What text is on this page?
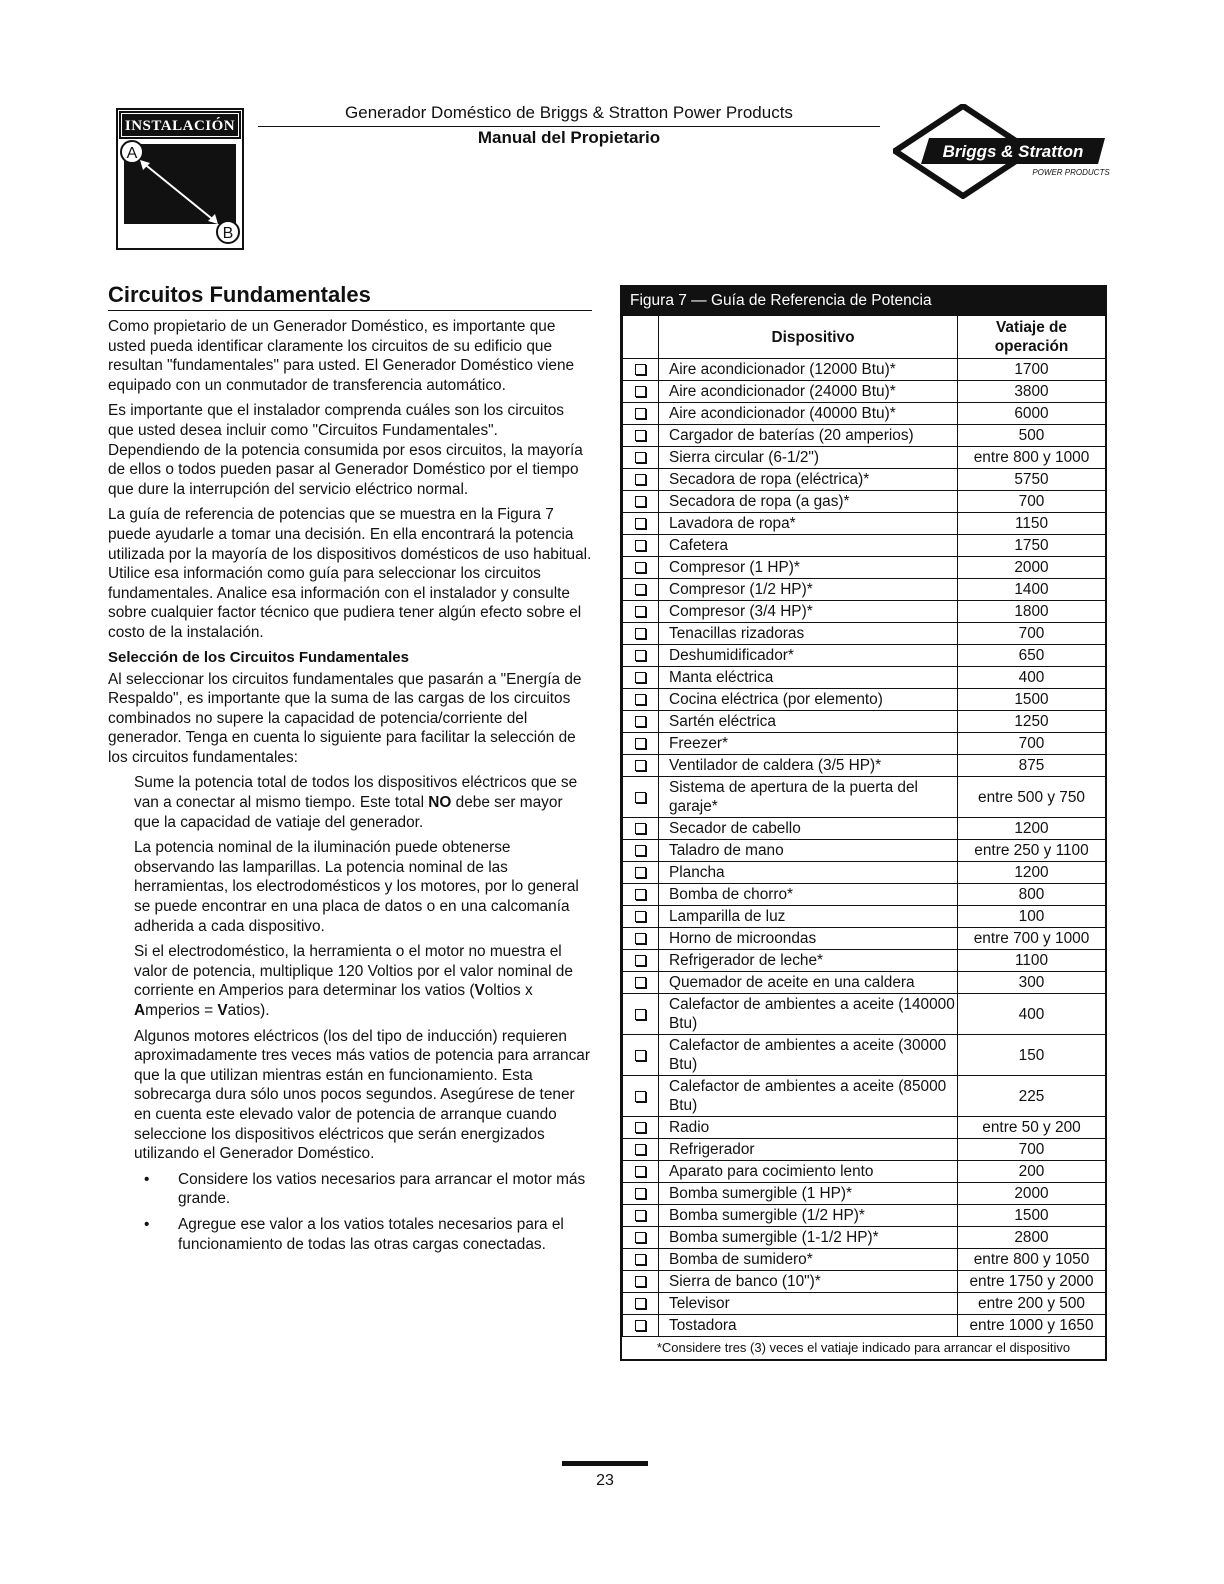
INSTALACIÓN
A
B
Generador Doméstico de Briggs & Stratton Power Products
Manual del Propietario
Briggs & Stratton
POWER PRODUCTS
Circuitos Fundamentales

Como propietario de un Generador Doméstico, es importante que usted pueda identificar claramente los circuitos de su edificio que resultan "fundamentales" para usted. El Generador Doméstico viene equipado con un conmutador de transferencia automático.

Es importante que el instalador comprenda cuáles son los circuitos que usted desea incluir como "Circuitos Fundamentales". Dependiendo de la potencia consumida por esos circuitos, la mayoría de ellos o todos pueden pasar al Generador Doméstico por el tiempo que dure la interrupción del servicio eléctrico normal.

La guía de referencia de potencias que se muestra en la Figura 7 puede ayudarle a tomar una decisión. En ella encontrará la potencia utilizada por la mayoría de los dispositivos domésticos de uso habitual. Utilice esa información como guía para seleccionar los circuitos fundamentales. Analice esa información con el instalador y consulte sobre cualquier factor técnico que pudiera tener algún efecto sobre el costo de la instalación.

Selección de los Circuitos Fundamentales

Al seleccionar los circuitos fundamentales que pasarán a "Energía de Respaldo", es importante que la suma de las cargas de los circuitos combinados no supere la capacidad de potencia/corriente del generador. Tenga en cuenta lo siguiente para facilitar la selección de los circuitos fundamentales:

Sume la potencia total de todos los dispositivos eléctricos que se van a conectar al mismo tiempo. Este total NO debe ser mayor que la capacidad de vatiaje del generador.

La potencia nominal de la iluminación puede obtenerse observando las lamparillas. La potencia nominal de las herramientas, los electrodomésticos y los motores, por lo general se puede encontrar en una placa de datos o en una calcomanía adherida a cada dispositivo.

Si el electrodoméstico, la herramienta o el motor no muestra el valor de potencia, multiplique 120 Voltios por el valor nominal de corriente en Amperios para determinar los vatios (Voltios x Amperios = Vatios).

Algunos motores eléctricos (los del tipo de inducción) requieren aproximadamente tres veces más vatios de potencia para arrancar que la que utilizan mientras están en funcionamiento. Esta sobrecarga dura sólo unos pocos segundos. Asegúrese de tener en cuenta este elevado valor de potencia de arranque cuando seleccione los dispositivos eléctricos que serán energizados utilizando el Generador Doméstico.

•	Considere los vatios necesarios para arrancar el motor más grande.
•	Agregue ese valor a los vatios totales necesarios para el funcionamiento de todas las otras cargas conectadas.
Figura 7 — Guía de Referencia de Potencia
	Dispositivo	Vatiaje de
operación
	Aire acondicionador (12000 Btu)*	1700
	Aire acondicionador (24000 Btu)*	3800
	Aire acondicionador (40000 Btu)*	6000
	Cargador de baterías (20 amperios)	500
	Sierra circular (6-1/2")	entre 800 y 1000
	Secadora de ropa (eléctrica)*	5750
	Secadora de ropa (a gas)*	700
	Lavadora de ropa*	1150
	Cafetera	1750
	Compresor (1 HP)*	2000
	Compresor (1/2 HP)*	1400
	Compresor (3/4 HP)*	1800
	Tenacillas rizadoras	700
	Deshumidificador*	650
	Manta eléctrica	400
	Cocina eléctrica (por elemento)	1500
	Sartén eléctrica	1250
	Freezer*	700
	Ventilador de caldera (3/5 HP)*	875
	Sistema de apertura de la puerta del garaje*	entre 500 y 750
	Secador de cabello	1200
	Taladro de mano	entre 250 y 1100
	Plancha	1200
	Bomba de chorro*	800
	Lamparilla de luz	100
	Horno de microondas	entre 700 y 1000
	Refrigerador de leche*	1100
	Quemador de aceite en una caldera	300
	Calefactor de ambientes a aceite (140000 Btu)	400
	Calefactor de ambientes a aceite (30000 Btu)	150
	Calefactor de ambientes a aceite (85000 Btu)	225
	Radio	entre 50 y 200
	Refrigerador	700
	Aparato para cocimiento lento	200
	Bomba sumergible (1 HP)*	2000
	Bomba sumergible (1/2 HP)*	1500
	Bomba sumergible (1-1/2 HP)*	2800
	Bomba de sumidero*	entre 800 y 1050
	Sierra de banco (10")*	entre 1750 y 2000
	Televisor	entre 200 y 500
	Tostadora	entre 1000 y 1650
*Considere tres (3) veces el vatiaje indicado para arrancar el dispositivo
23
